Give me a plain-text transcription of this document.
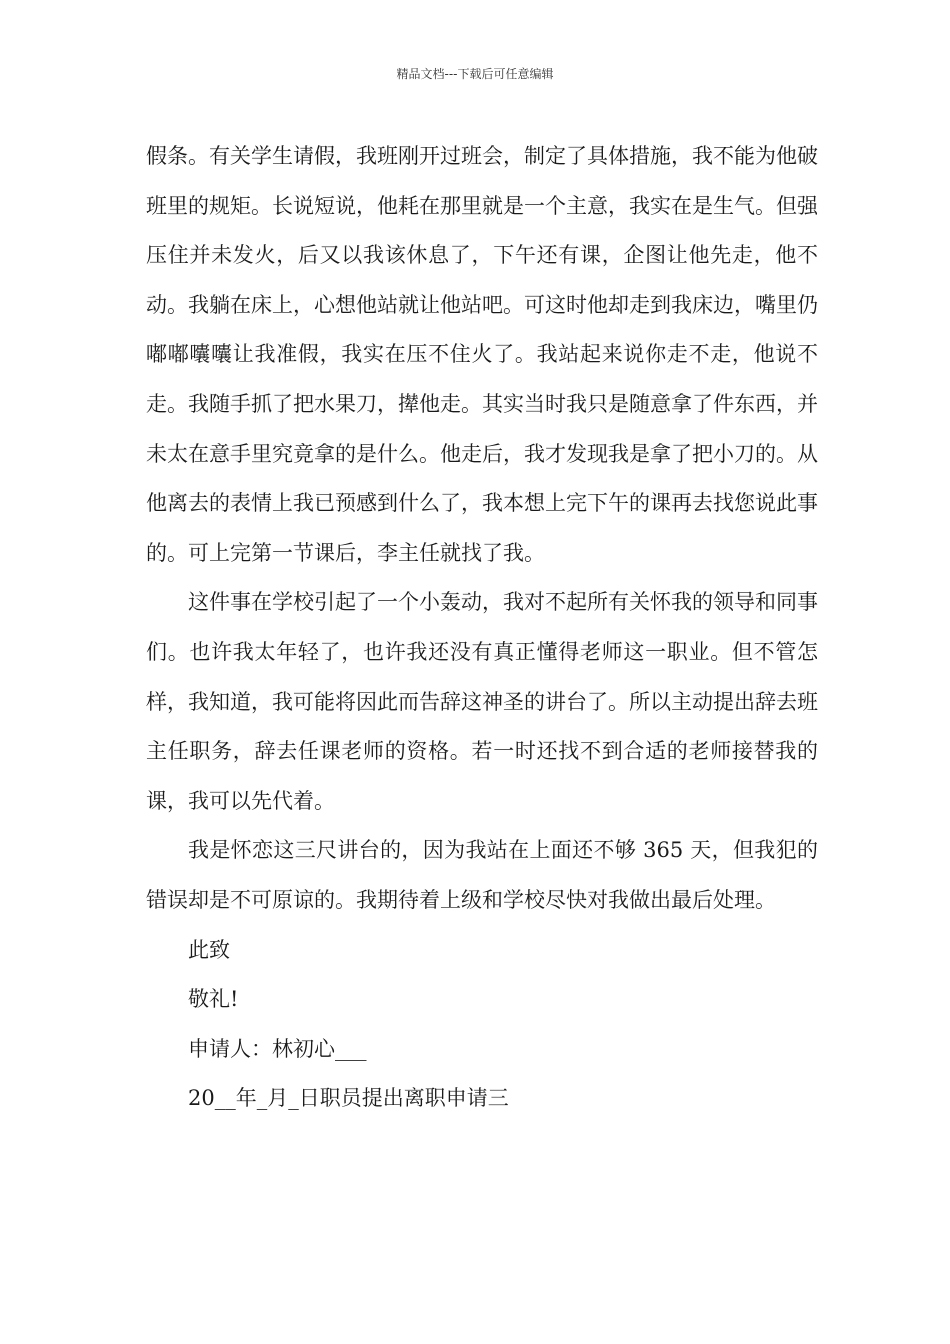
精品文档---下载后可任意编辑

假条。有关学生请假，我班刚开过班会，制定了具体措施，我不能为他破班里的规矩。长说短说，他耗在那里就是一个主意，我实在是生气。但强压住并未发火，后又以我该休息了，下午还有课，企图让他先走，他不动。我躺在床上，心想他站就让他站吧。可这时他却走到我床边，嘴里仍嘟嘟囔囔让我准假，我实在压不住火了。我站起来说你走不走，他说不走。我随手抓了把水果刀，撵他走。其实当时我只是随意拿了件东西，并未太在意手里究竟拿的是什么。他走后，我才发现我是拿了把小刀的。从他离去的表情上我已预感到什么了，我本想上完下午的课再去找您说此事的。可上完第一节课后，李主任就找了我。

这件事在学校引起了一个小轰动，我对不起所有关怀我的领导和同事们。也许我太年轻了，也许我还没有真正懂得老师这一职业。但不管怎样，我知道，我可能将因此而告辞这神圣的讲台了。所以主动提出辞去班主任职务，辞去任课老师的资格。若一时还找不到合适的老师接替我的课，我可以先代着。

我是怀恋这三尺讲台的，因为我站在上面还不够 365 天，但我犯的错误却是不可原谅的。我期待着上级和学校尽快对我做出最后处理。

此致

敬礼!

申请人：林初心___

20__年_月_日职员提出离职申请三
